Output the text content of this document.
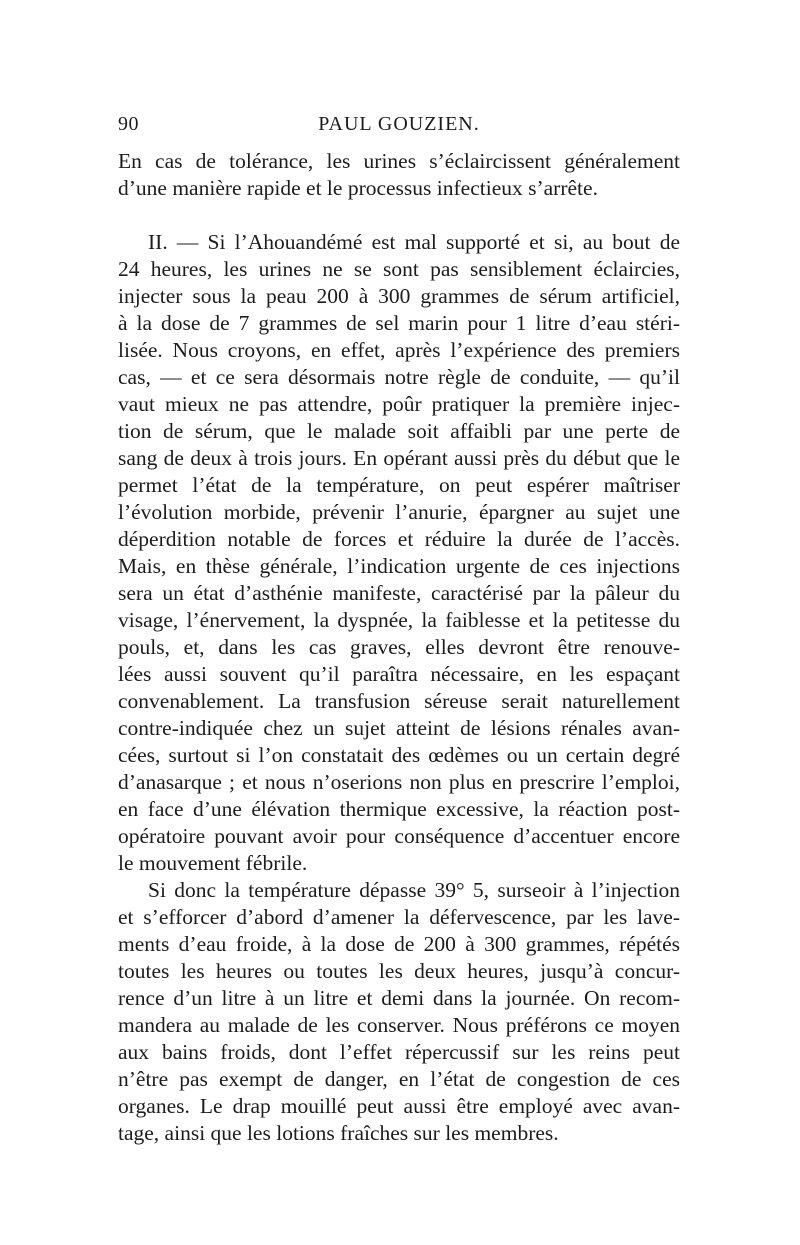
90	PAUL GOUZIEN.
En cas de tolérance, les urines s’éclaircissent généralement
d’une manière rapide et le processus infectieux s’arrête.
II. — Si l’Ahouandémé est mal supporté et si, au bout de
24 heures, les urines ne se sont pas sensiblement éclaircies,
injecter sous la peau 200 à 300 grammes de sérum artificiel,
à la dose de 7 grammes de sel marin pour 1 litre d’eau stéri-
lisée. Nous croyons, en effet, après l’expérience des premiers
cas, — et ce sera désormais notre règle de conduite, — qu’il
vaut mieux ne pas attendre, poûr pratiquer la première injec-
tion de sérum, que le malade soit affaibli par une perte de
sang de deux à trois jours. En opérant aussi près du début que le
permet l’état de la température, on peut espérer maîtriser
l’évolution morbide, prévenir l’anurie, épargner au sujet une
déperdition notable de forces et réduire la durée de l’accès.
Mais, en thèse générale, l’indication urgente de ces injections
sera un état d’asthénie manifeste, caractérisé par la pâleur du
visage, l’énervement, la dyspnée, la faiblesse et la petitesse du
pouls, et, dans les cas graves, elles devront être renouve-
lées aussi souvent qu’il paraîtra nécessaire, en les espaçant
convenablement. La transfusion séreuse serait naturellement
contre-indiquée chez un sujet atteint de lésions rénales avan-
cées, surtout si l’on constatait des œdèmes ou un certain degré
d’anasarque ; et nous n’oserions non plus en prescrire l’emploi,
en face d’une élévation thermique excessive, la réaction post-
opératoire pouvant avoir pour conséquence d’accentuer encore
le mouvement fébrile.
Si donc la température dépasse 39° 5, surseoir à l’injection
et s’efforcer d’abord d’amener la défervescence, par les lave-
ments d’eau froide, à la dose de 200 à 300 grammes, répétés
toutes les heures ou toutes les deux heures, jusqu’à concur-
rence d’un litre à un litre et demi dans la journée. On recom-
mandera au malade de les conserver. Nous préférons ce moyen
aux bains froids, dont l’effet répercussif sur les reins peut
n’être pas exempt de danger, en l’état de congestion de ces
organes. Le drap mouillé peut aussi être employé avec avan-
tage, ainsi que les lotions fraîches sur les membres.
